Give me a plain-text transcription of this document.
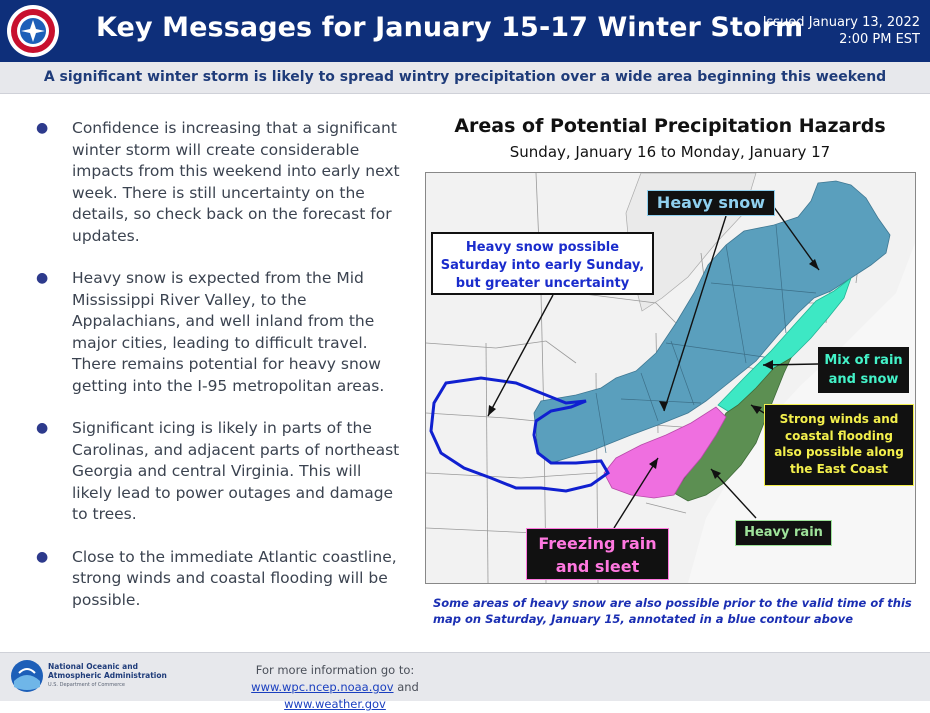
Key Messages for January 15-17 Winter Storm
Issued January 13, 2022
2:00 PM EST
A significant winter storm is likely to spread wintry precipitation over a wide area beginning this weekend
● Confidence is increasing that a significant winter storm will create considerable impacts from this weekend into early next week. There is still uncertainty on the details, so check back on the forecast for updates.
● Heavy snow is expected from the Mid Mississippi River Valley, to the Appalachians, and well inland from the major cities, leading to difficult travel. There remains potential for heavy snow getting into the I-95 metropolitan areas.
● Significant icing is likely in parts of the Carolinas, and adjacent parts of northeast Georgia and central Virginia. This will likely lead to power outages and damage to trees.
● Close to the immediate Atlantic coastline, strong winds and coastal flooding will be possible.
Areas of Potential Precipitation Hazards
Sunday, January 16 to Monday, January 17
Heavy snow
Heavy snow possible
Saturday into early Sunday,
but greater uncertainty
Mix of rain
and snow
Strong winds and
coastal flooding
also possible along
the East Coast
Heavy rain
Freezing rain
and sleet
Some areas of heavy snow are also possible prior to the valid time of this map on Saturday, January 15, annotated in a blue contour above
National Oceanic and
Atmospheric Administration
U.S. Department of Commerce
For more information go to:
www.wpc.ncep.noaa.gov and www.weather.gov
